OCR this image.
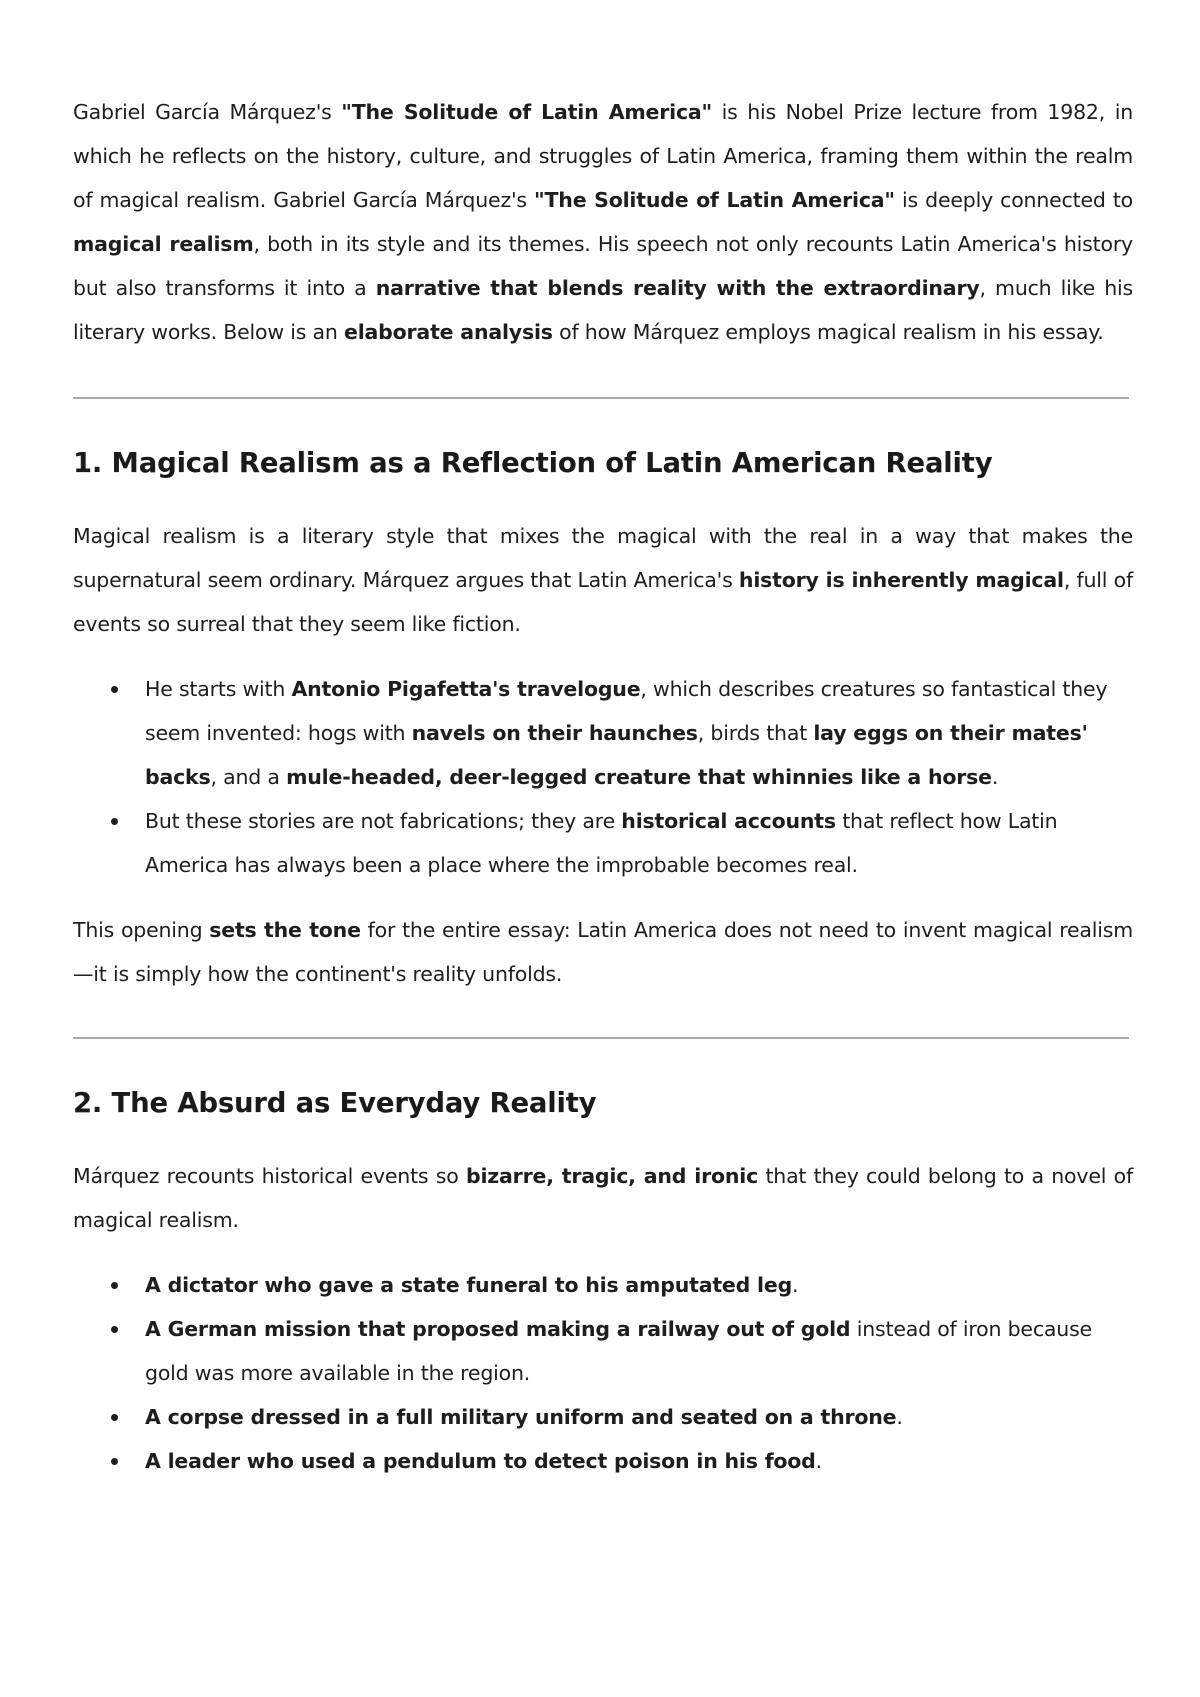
Gabriel García Márquez's "The Solitude of Latin America" is his Nobel Prize lecture from 1982, in which he reflects on the history, culture, and struggles of Latin America, framing them within the realm of magical realism. Gabriel García Márquez's "The Solitude of Latin America" is deeply connected to magical realism, both in its style and its themes. His speech not only recounts Latin America's history but also transforms it into a narrative that blends reality with the extraordinary, much like his literary works. Below is an elaborate analysis of how Márquez employs magical realism in his essay.

1. Magical Realism as a Reflection of Latin American Reality

Magical realism is a literary style that mixes the magical with the real in a way that makes the supernatural seem ordinary. Márquez argues that Latin America's history is inherently magical, full of events so surreal that they seem like fiction.

He starts with Antonio Pigafetta's travelogue, which describes creatures so fantastical they seem invented: hogs with navels on their haunches, birds that lay eggs on their mates' backs, and a mule-headed, deer-legged creature that whinnies like a horse.
But these stories are not fabrications; they are historical accounts that reflect how Latin America has always been a place where the improbable becomes real.

This opening sets the tone for the entire essay: Latin America does not need to invent magical realism—it is simply how the continent's reality unfolds.

2. The Absurd as Everyday Reality

Márquez recounts historical events so bizarre, tragic, and ironic that they could belong to a novel of magical realism.

A dictator who gave a state funeral to his amputated leg.
A German mission that proposed making a railway out of gold instead of iron because gold was more available in the region.
A corpse dressed in a full military uniform and seated on a throne.
A leader who used a pendulum to detect poison in his food.
